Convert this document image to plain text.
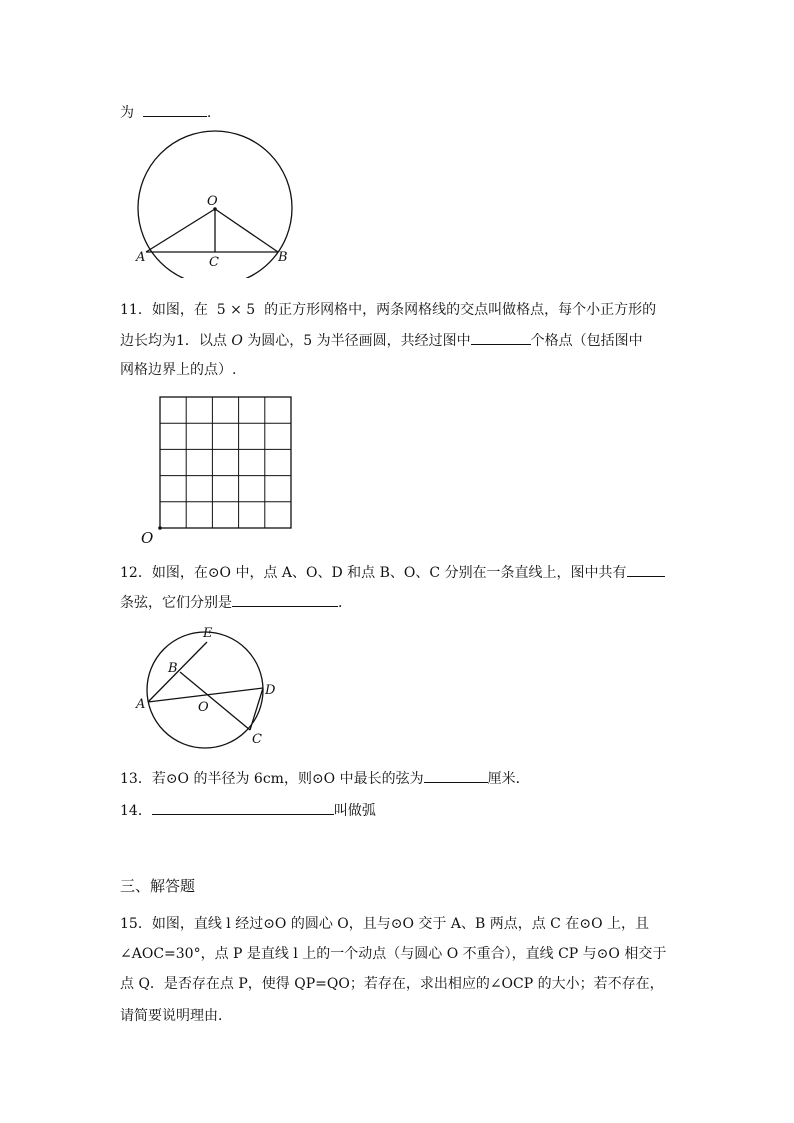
为	.
O
A	B
C
11．如图，在 5 × 5 的正方形网格中，两条网格线的交点叫做格点，每个小正方形的
边长均为1．以点 O 为圆心，5 为半径画圆，共经过图中	个格点（包括图中
网格边界上的点）.
O
12．如图，在⊙O 中，点 A、O、D 和点 B、O、C 分别在一条直线上，图中共有
条弦，它们分别是	．
E
B
A	O
D
C
13．若⊙O 的半径为 6cm，则⊙O 中最长的弦为	厘米．
14．	叫做弧
三、解答题
15．如图，直线 l 经过⊙O 的圆心 O，且与⊙O 交于 A、B 两点，点 C 在⊙O 上，且
∠AOC=30°，点 P 是直线 l 上的一个动点（与圆心 O 不重合），直线 CP 与⊙O 相交于
点 Q．是否存在点 P，使得 QP=QO；若存在，求出相应的∠OCP 的大小；若不存在，
请简要说明理由．
